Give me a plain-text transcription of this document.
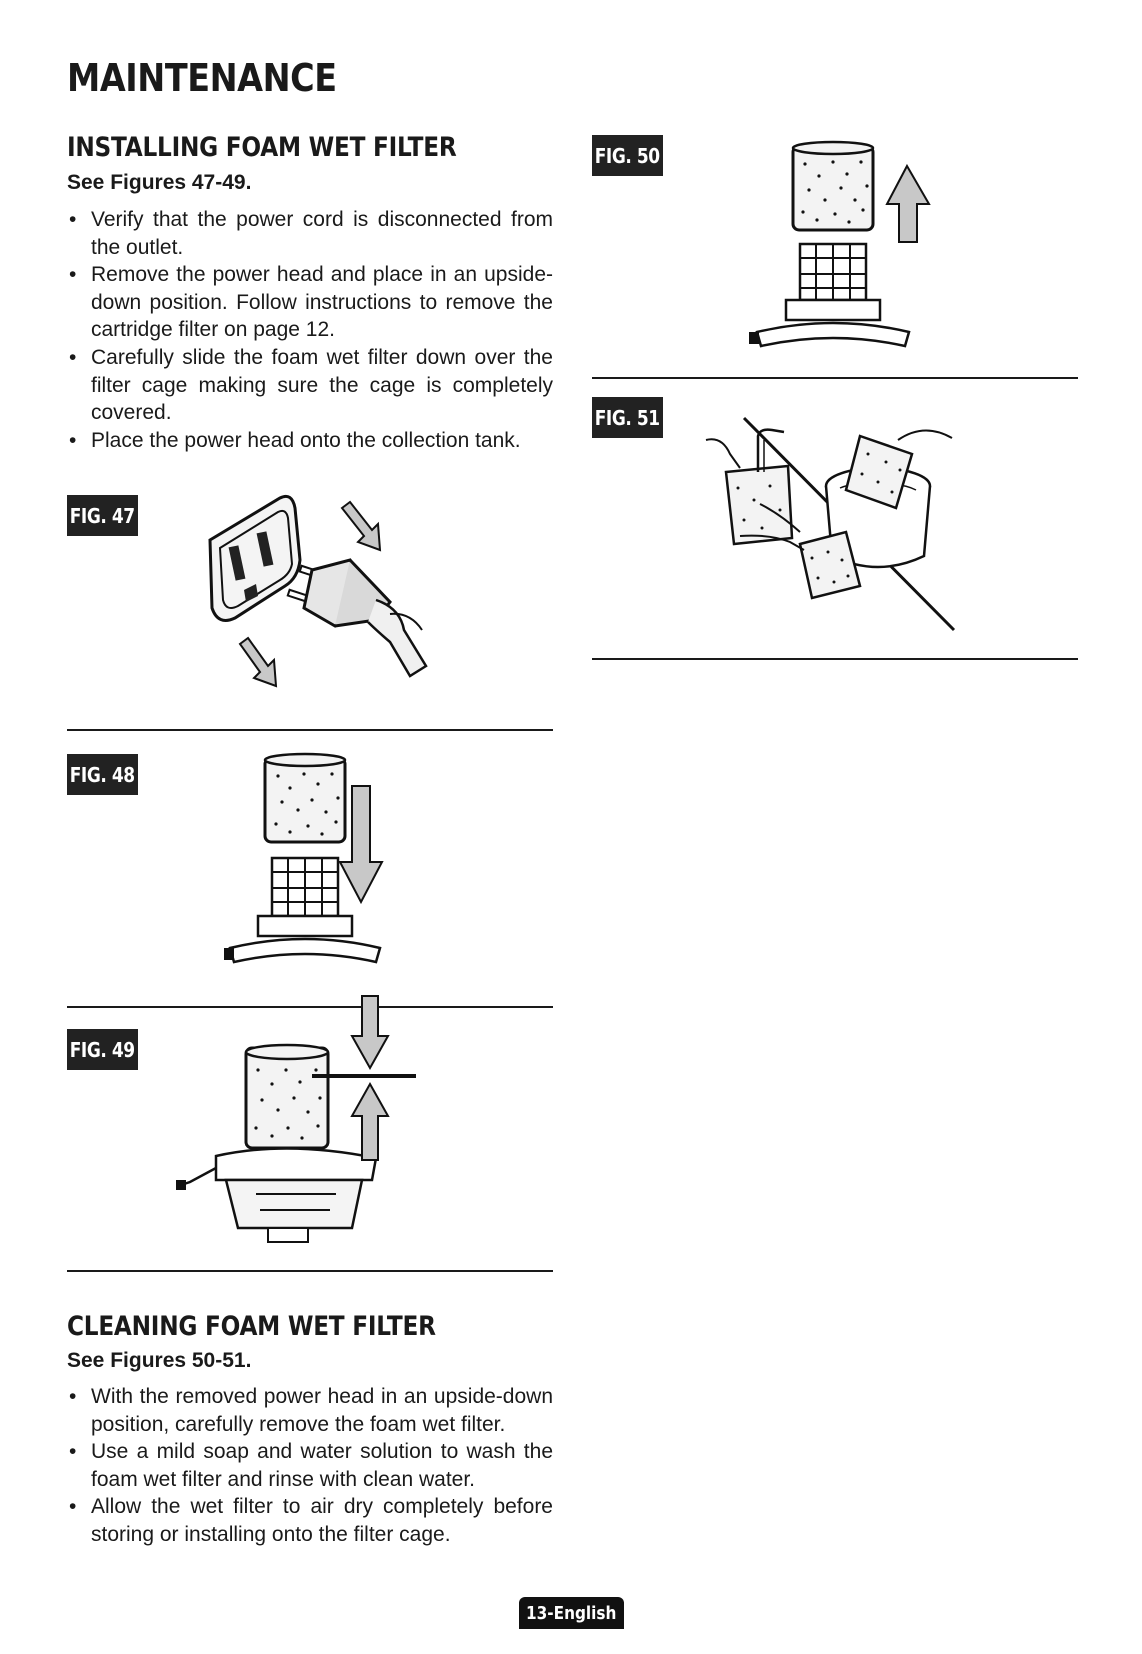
MAINTENANCE
INSTALLING FOAM WET FILTER
See Figures 47-49.
• Verify that the power cord is disconnected from the outlet.
• Remove the power head and place in an upside-down position. Follow instructions to remove the cartridge filter on page 12.
• Carefully slide the foam wet filter down over the filter cage making sure the cage is completely covered.
• Place the power head onto the collection tank.
FIG. 47
FIG. 48
FIG. 49
CLEANING FOAM WET FILTER
See Figures 50-51.
• With the removed power head in an upside-down position, carefully remove the foam wet filter.
• Use a mild soap and water solution to wash the foam wet filter and rinse with clean water.
• Allow the wet filter to air dry completely before storing or installing onto the filter cage.
FIG. 50
FIG. 51
13-English
